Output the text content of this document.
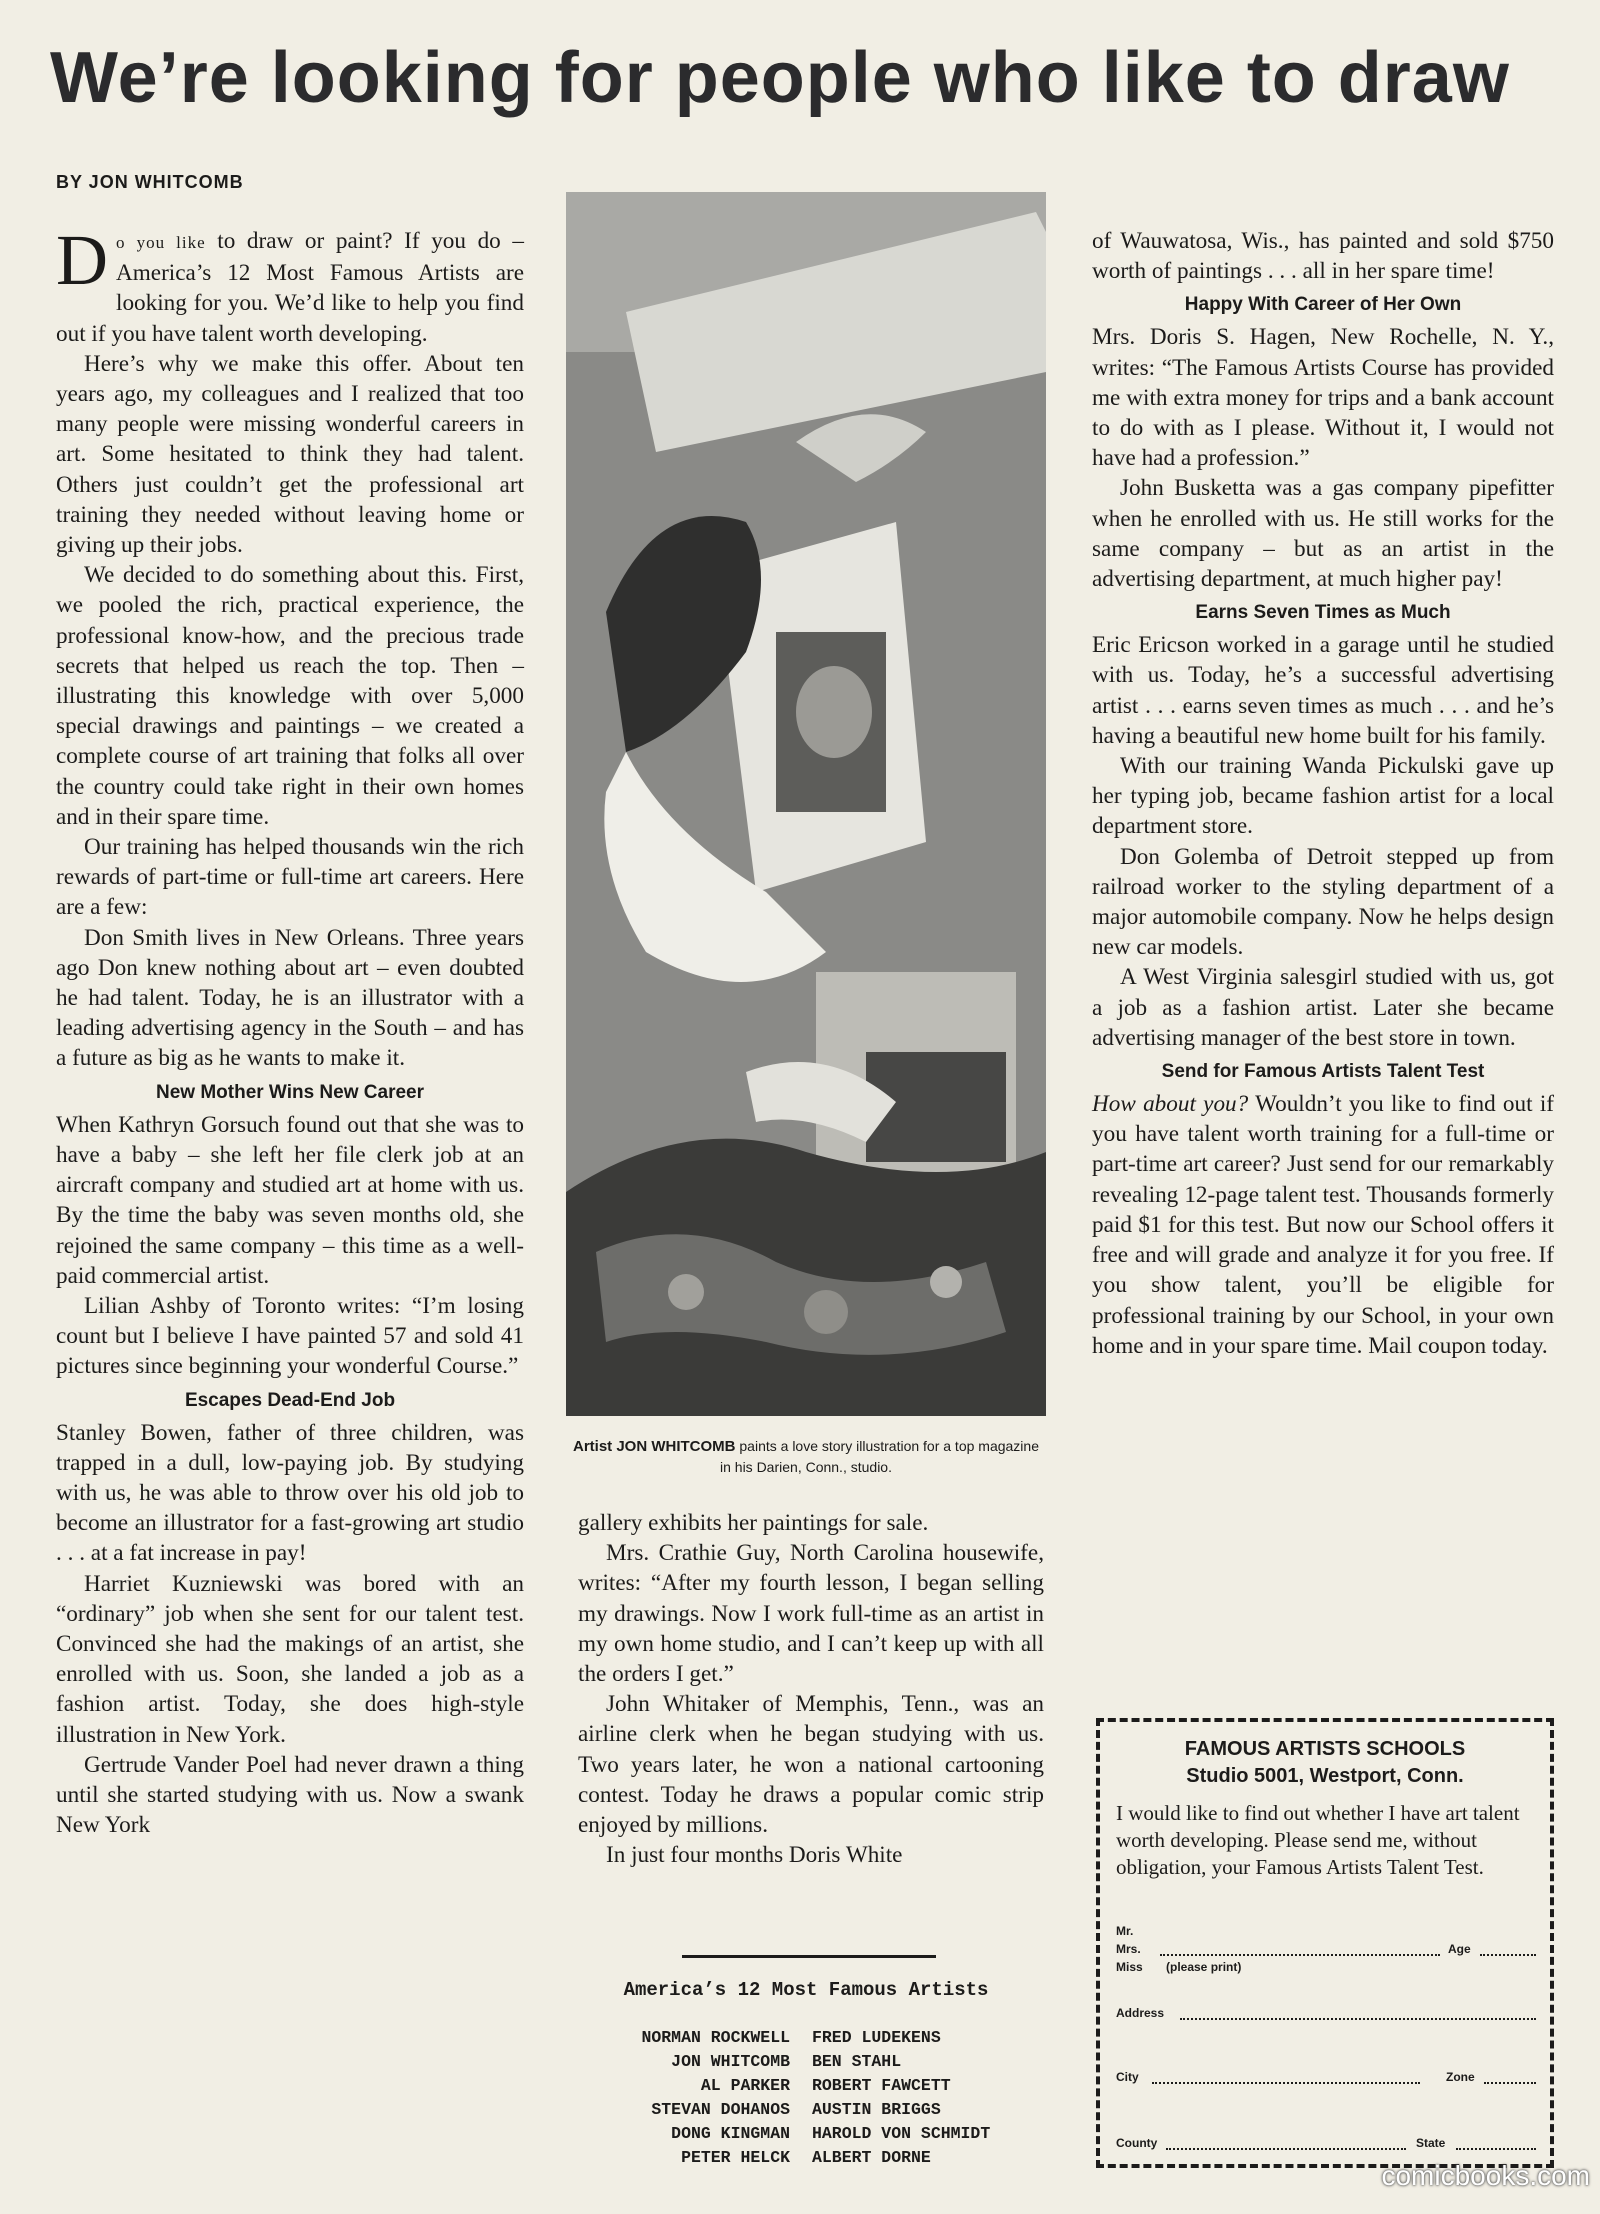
We’re looking for people who like to draw
BY JON WHITCOMB

Do you like to draw or paint? If you do – America’s 12 Most Famous Artists are looking for you. We’d like to help you find out if you have talent worth developing.

Here’s why we make this offer. About ten years ago, my colleagues and I realized that too many people were missing wonderful careers in art. Some hesitated to think they had talent. Others just couldn’t get the professional art training they needed without leaving home or giving up their jobs.

We decided to do something about this. First, we pooled the rich, practical experience, the professional know-how, and the precious trade secrets that helped us reach the top. Then – illustrating this knowledge with over 5,000 special drawings and paintings – we created a complete course of art training that folks all over the country could take right in their own homes and in their spare time.

Our training has helped thousands win the rich rewards of part-time or full-time art careers. Here are a few:

Don Smith lives in New Orleans. Three years ago Don knew nothing about art – even doubted he had talent. Today, he is an illustrator with a leading advertising agency in the South – and has a future as big as he wants to make it.

New Mother Wins New Career

When Kathryn Gorsuch found out that she was to have a baby – she left her file clerk job at an aircraft company and studied art at home with us. By the time the baby was seven months old, she rejoined the same company – this time as a well-paid commercial artist.

Lilian Ashby of Toronto writes: “I’m losing count but I believe I have painted 57 and sold 41 pictures since beginning your wonderful Course.”

Escapes Dead-End Job

Stanley Bowen, father of three children, was trapped in a dull, low-paying job. By studying with us, he was able to throw over his old job to become an illustrator for a fast-growing art studio . . . at a fat increase in pay!

Harriet Kuzniewski was bored with an “ordinary” job when she sent for our talent test. Convinced she had the makings of an artist, she enrolled with us. Soon, she landed a job as a fashion artist. Today, she does high-style illustration in New York.

Gertrude Vander Poel had never drawn a thing until she started studying with us. Now a swank New York

Artist JON WHITCOMB paints a love story illustration for a top magazine in his Darien, Conn., studio.

gallery exhibits her paintings for sale.

Mrs. Crathie Guy, North Carolina housewife, writes: “After my fourth lesson, I began selling my drawings. Now I work full-time as an artist in my own home studio, and I can’t keep up with all the orders I get.”

John Whitaker of Memphis, Tenn., was an airline clerk when he began studying with us. Two years later, he won a national cartooning contest. Today he draws a popular comic strip enjoyed by millions.

In just four months Doris White

America’s 12 Most Famous Artists
NORMAN ROCKWELL
JON WHITCOMB
AL PARKER
STEVAN DOHANOS
DONG KINGMAN
PETER HELCK
FRED LUDEKENS
BEN STAHL
ROBERT FAWCETT
AUSTIN BRIGGS
HAROLD VON SCHMIDT
ALBERT DORNE

of Wauwatosa, Wis., has painted and sold $750 worth of paintings . . . all in her spare time!

Happy With Career of Her Own

Mrs. Doris S. Hagen, New Rochelle, N. Y., writes: “The Famous Artists Course has provided me with extra money for trips and a bank account to do with as I please. Without it, I would not have had a profession.”

John Busketta was a gas company pipefitter when he enrolled with us. He still works for the same company – but as an artist in the advertising department, at much higher pay!

Earns Seven Times as Much

Eric Ericson worked in a garage until he studied with us. Today, he’s a successful advertising artist . . . earns seven times as much . . . and he’s having a beautiful new home built for his family.

With our training Wanda Pickulski gave up her typing job, became fashion artist for a local department store.

Don Golemba of Detroit stepped up from railroad worker to the styling department of a major automobile company. Now he helps design new car models.

A West Virginia salesgirl studied with us, got a job as a fashion artist. Later she became advertising manager of the best store in town.

Send for Famous Artists Talent Test

How about you? Wouldn’t you like to find out if you have talent worth training for a full-time or part-time art career? Just send for our remarkably revealing 12-page talent test. Thousands formerly paid $1 for this test. But now our School offers it free and will grade and analyze it for you free. If you show talent, you’ll be eligible for professional training by our School, in your own home and in your spare time. Mail coupon today.

FAMOUS ARTISTS SCHOOLS
Studio 5001, Westport, Conn.
I would like to find out whether I have art talent worth developing. Please send me, without obligation, your Famous Artists Talent Test.
Mr.
Mrs.
Miss (please print)
Age
Address
City	Zone
County	State
comicbooks.com
